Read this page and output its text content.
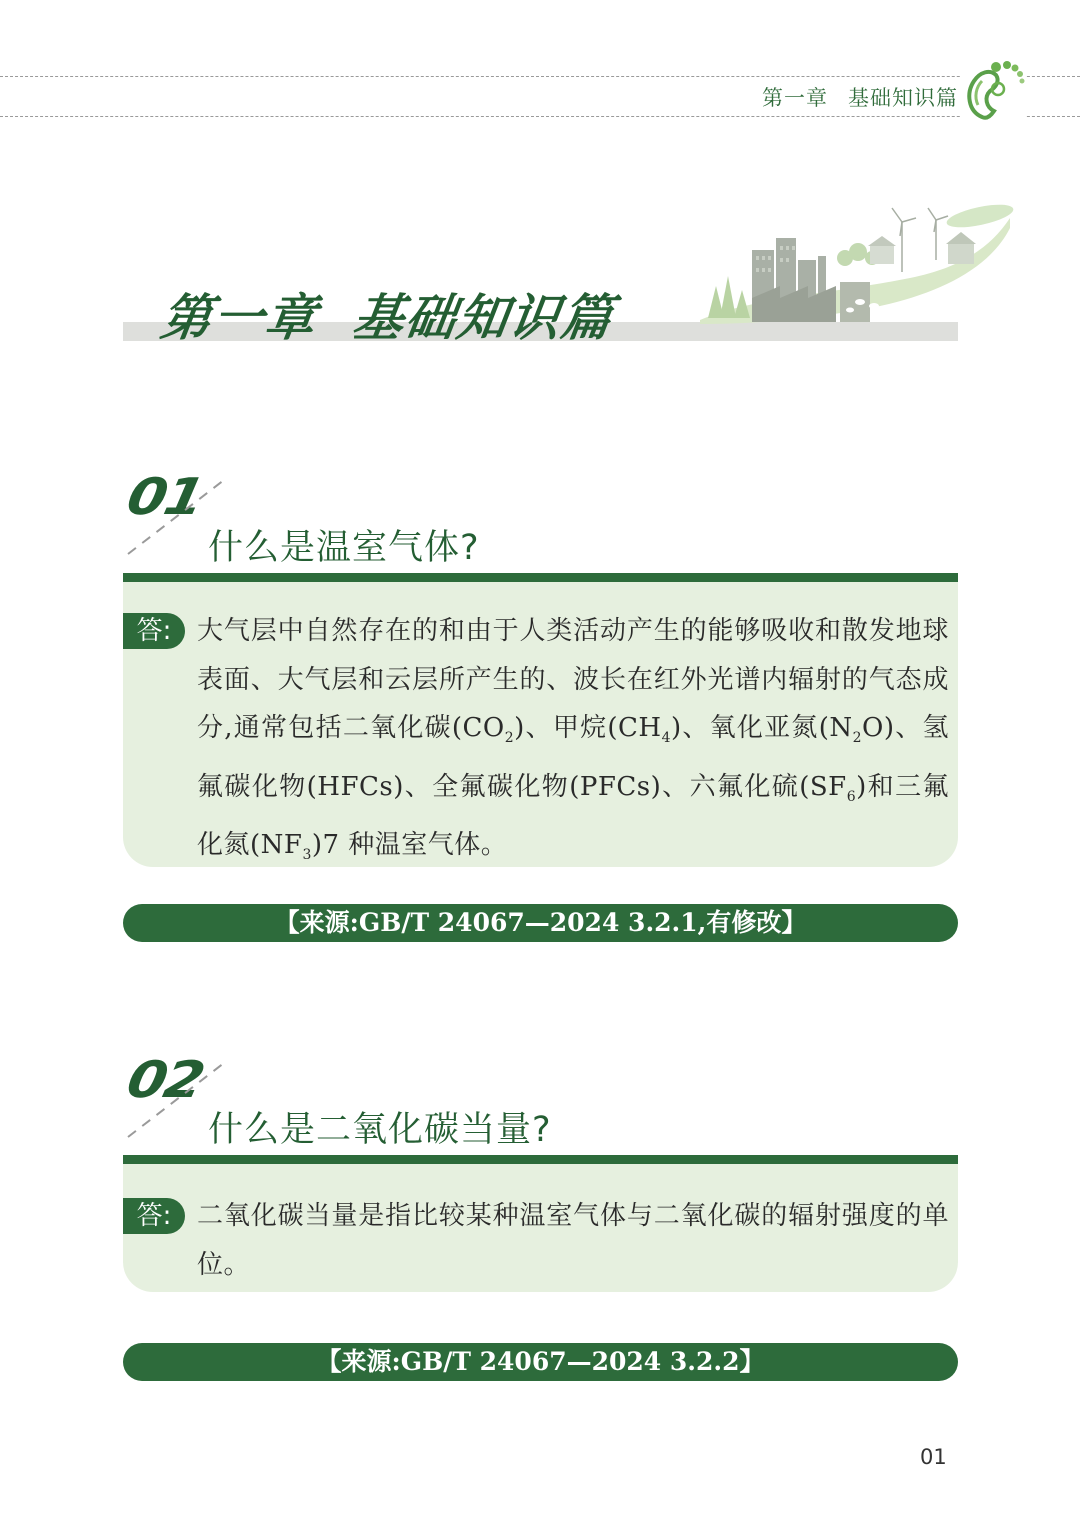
第一章 基础知识篇
第一章 基础知识篇
01
什么是温室气体?
答: 大气层中自然存在的和由于人类活动产生的能够吸收和散发地球表面、大气层和云层所产生的、波长在红外光谱内辐射的气态成分,通常包括二氧化碳$(CO_2)$、甲烷$(CH_4)$、氧化亚氮$(N_2O)$、氢氟碳化物(HFCs)、全氟碳化物(PFCs)、六氟化硫$(SF_6)$和三氟化氮$(NF_3)7$ 种温室气体。
【来源:GB/T 24067—2024 3.2.1,有修改】
02
什么是二氧化碳当量?
答: 二氧化碳当量是指比较某种温室气体与二氧化碳的辐射强度的单位。
【来源:GB/T 24067—2024 3.2.2】
01
